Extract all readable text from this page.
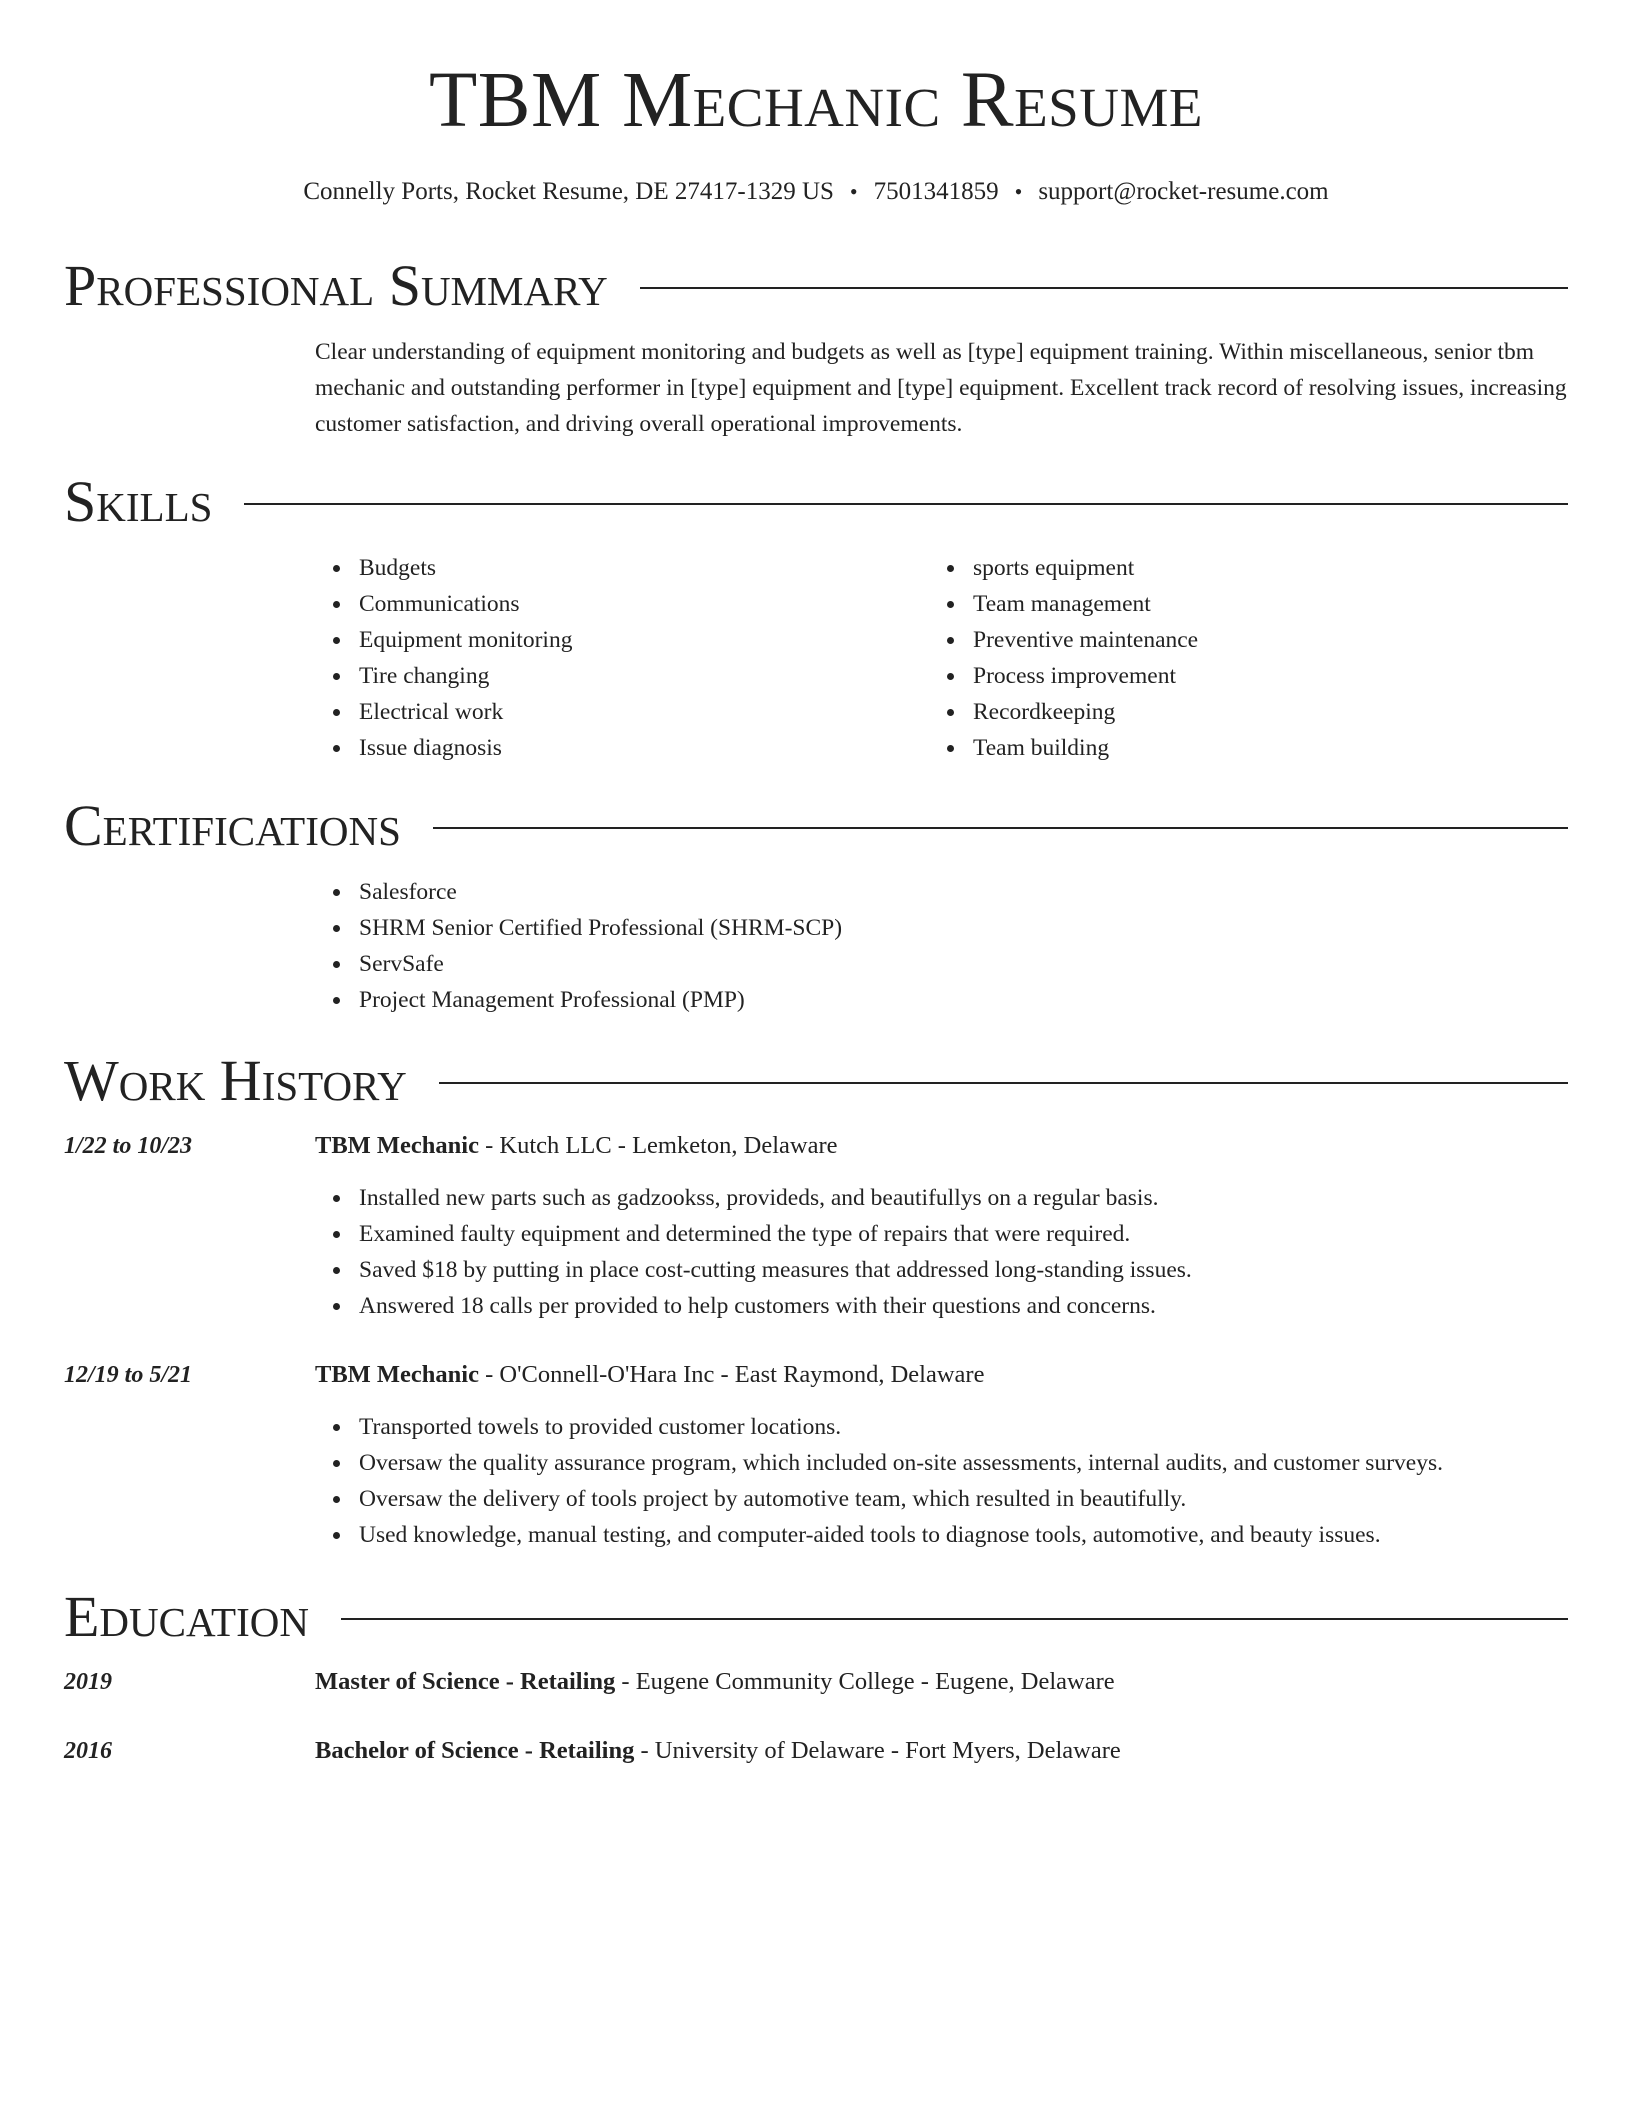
TBM Mechanic Resume
Connelly Ports, Rocket Resume, DE 27417-1329 US • 7501341859 • support@rocket-resume.com
Professional Summary
Clear understanding of equipment monitoring and budgets as well as [type] equipment training. Within miscellaneous, senior tbm mechanic and outstanding performer in [type] equipment and [type] equipment. Excellent track record of resolving issues, increasing customer satisfaction, and driving overall operational improvements.
Skills
Budgets
Communications
Equipment monitoring
Tire changing
Electrical work
Issue diagnosis
sports equipment
Team management
Preventive maintenance
Process improvement
Recordkeeping
Team building
Certifications
Salesforce
SHRM Senior Certified Professional (SHRM-SCP)
ServSafe
Project Management Professional (PMP)
Work History
1/22 to 10/23	TBM Mechanic - Kutch LLC - Lemketon, Delaware
Installed new parts such as gadzookss, provideds, and beautifullys on a regular basis.
Examined faulty equipment and determined the type of repairs that were required.
Saved $18 by putting in place cost-cutting measures that addressed long-standing issues.
Answered 18 calls per provided to help customers with their questions and concerns.
12/19 to 5/21	TBM Mechanic - O'Connell-O'Hara Inc - East Raymond, Delaware
Transported towels to provided customer locations.
Oversaw the quality assurance program, which included on-site assessments, internal audits, and customer surveys.
Oversaw the delivery of tools project by automotive team, which resulted in beautifully.
Used knowledge, manual testing, and computer-aided tools to diagnose tools, automotive, and beauty issues.
Education
2019	Master of Science - Retailing - Eugene Community College - Eugene, Delaware
2016	Bachelor of Science - Retailing - University of Delaware - Fort Myers, Delaware
